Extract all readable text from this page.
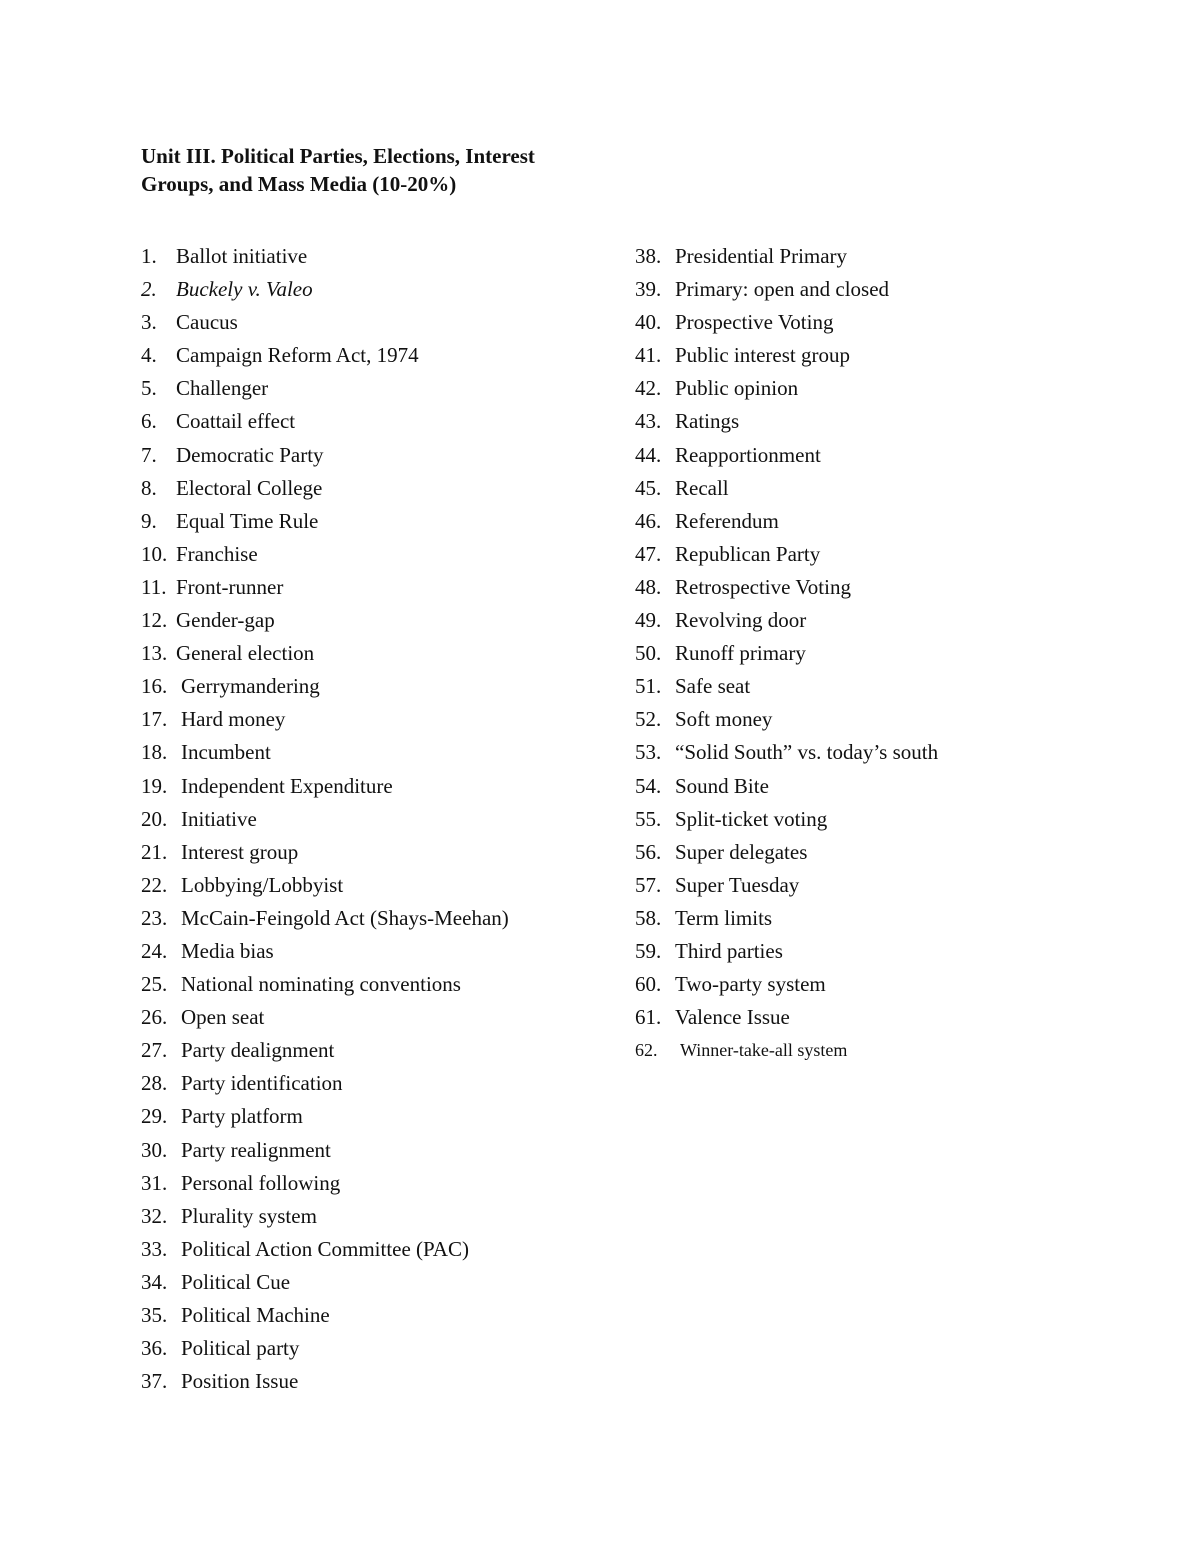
Unit III. Political Parties, Elections, Interest Groups, and Mass Media (10-20%)
1. Ballot initiative
2. Buckely v. Valeo
3. Caucus
4. Campaign Reform Act, 1974
5. Challenger
6. Coattail effect
7. Democratic Party
8. Electoral College
9. Equal Time Rule
10. Franchise
11. Front-runner
12. Gender-gap
13. General election
16. Gerrymandering
17. Hard money
18. Incumbent
19. Independent Expenditure
20. Initiative
21. Interest group
22. Lobbying/Lobbyist
23. McCain-Feingold Act (Shays-Meehan)
24. Media bias
25. National nominating conventions
26. Open seat
27. Party dealignment
28. Party identification
29. Party platform
30. Party realignment
31. Personal following
32. Plurality system
33. Political Action Committee (PAC)
34. Political Cue
35. Political Machine
36. Political party
37. Position Issue
38. Presidential Primary
39. Primary: open and closed
40. Prospective Voting
41. Public interest group
42. Public opinion
43. Ratings
44. Reapportionment
45. Recall
46. Referendum
47. Republican Party
48. Retrospective Voting
49. Revolving door
50. Runoff primary
51. Safe seat
52. Soft money
53. “Solid South” vs. today’s south
54. Sound Bite
55. Split-ticket voting
56. Super delegates
57. Super Tuesday
58. Term limits
59. Third parties
60. Two-party system
61. Valence Issue
62.	Winner-take-all system
